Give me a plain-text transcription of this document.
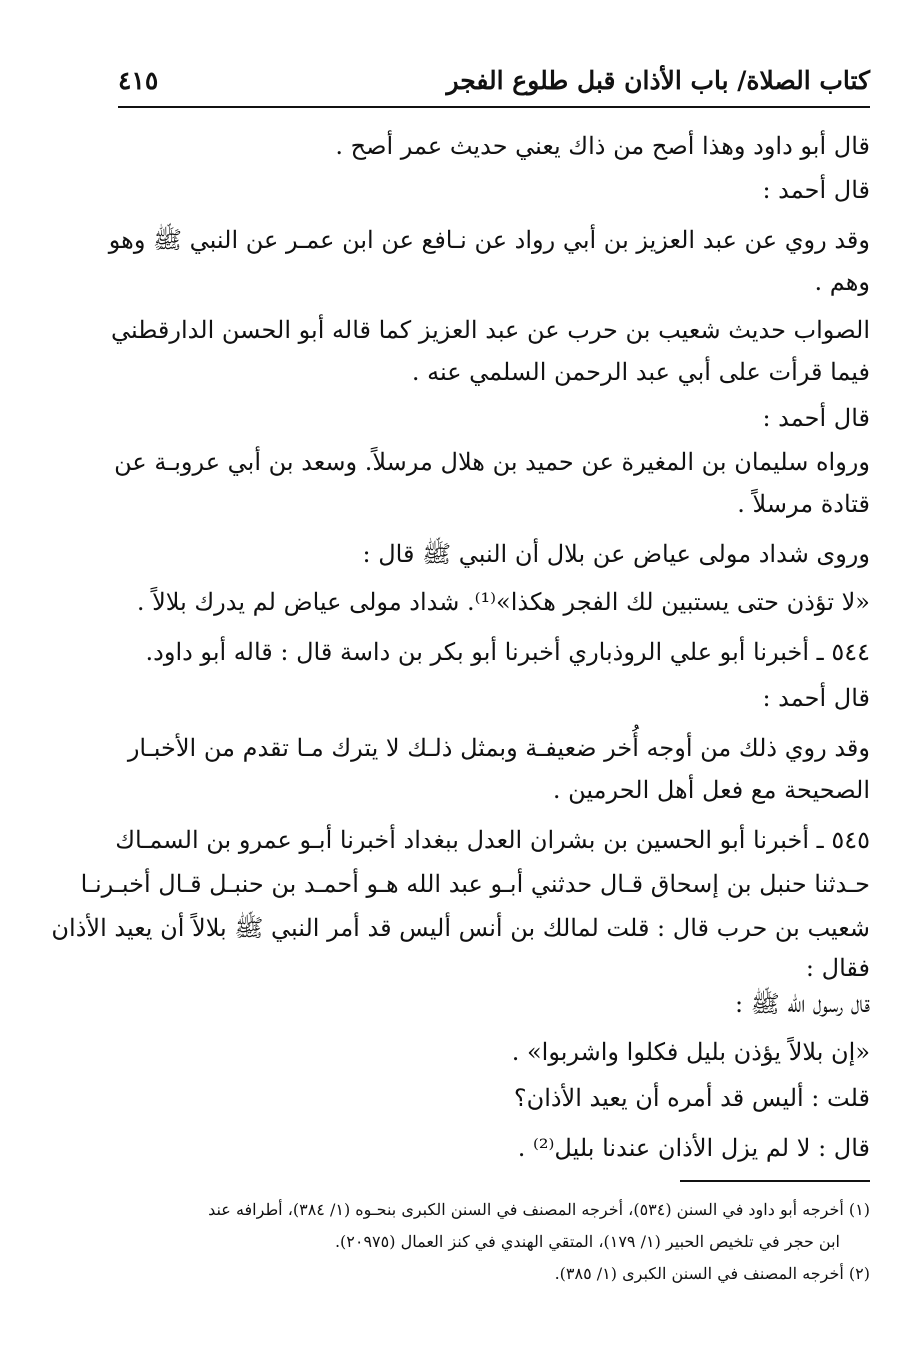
كتاب الصلاة/ باب الأذان قبل طلوع الفجر
٤١٥
قال أبو داود وهذا أصح من ذاك يعني حديث عمر أصح .
قال أحمد :
وقد روي عن عبد العزيز بن أبي رواد عن نـافع عن ابن عمـر عن النبي ﷺ وهو
وهم .
الصواب حديث شعيب بن حرب عن عبد العزيز كما قاله أبو الحسن الدارقطني
فيما قرأت على أبي عبد الرحمن السلمي عنه .
قال أحمد :
ورواه سليمان بن المغيرة عن حميد بن هلال مرسلاً. وسعد بن أبي عروبـة عن
قتادة مرسلاً .
وروى شداد مولى عياض عن بلال أن النبي ﷺ قال :
«لا تؤذن حتى يستبين لك الفجر هكذا»⁽¹⁾. شداد مولى عياض لم يدرك بلالاً .
٥٤٤ ـ أخبرنا أبو علي الروذباري أخبرنا أبو بكر بن داسة قال : قاله أبو داود.
قال أحمد :
وقد روي ذلك من أوجه أُخر ضعيفـة وبمثل ذلـك لا يترك مـا تقدم من الأخبـار
الصحيحة مع فعل أهل الحرمين .
٥٤٥ ـ أخبرنا أبو الحسين بن بشران العدل ببغداد أخبرنا أبـو عمرو بن السمـاك
حـدثنا حنبل بن إسحاق قـال حدثني أبـو عبد الله هـو أحمـد بن حنبـل قـال أخبـرنـا
شعيب بن حرب قال : قلت لمالك بن أنس أليس قد أمر النبي ﷺ بلالاً أن يعيد الأذان
فقال :
قال رسول الله ﷺ :
«إن بلالاً يؤذن بليل فكلوا واشربوا» .
قلت : أليس قد أمره أن يعيد الأذان؟
قال : لا لم يزل الأذان عندنا بليل⁽²⁾ .
(١) أخرجه أبو داود في السنن (٥٣٤)، أخرجه المصنف في السنن الكبرى بنحـوه (١/ ٣٨٤)، أطرافه عند
ابن حجر في تلخيص الحبير (١/ ١٧٩)، المتقي الهندي في كنز العمال (٢٠٩٧٥).
(٢) أخرجه المصنف في السنن الكبرى (١/ ٣٨٥).
